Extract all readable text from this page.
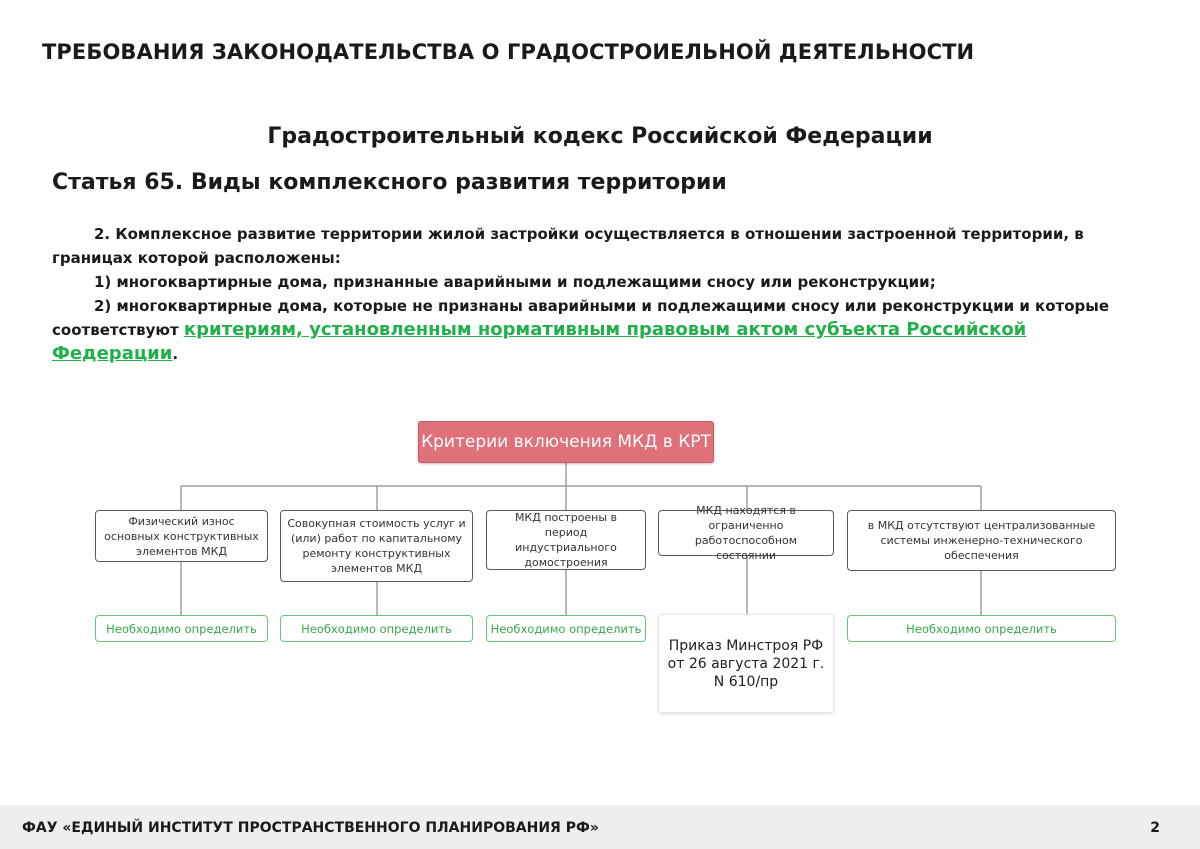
ТРЕБОВАНИЯ ЗАКОНОДАТЕЛЬСТВА О ГРАДОСТРОИЕЛЬНОЙ ДЕЯТЕЛЬНОСТИ
Градостроительный кодекс Российской Федерации
Статья 65. Виды комплексного развития территории

2. Комплексное развитие территории жилой застройки осуществляется в отношении застроенной территории, в границах которой расположены:

1) многоквартирные дома, признанные аварийными и подлежащими сносу или реконструкции;

2) многоквартирные дома, которые не признаны аварийными и подлежащими сносу или реконструкции и которые соответствуют критериям, установленным нормативным правовым актом субъекта Российской Федерации.

Критерии включения МКД в КРТ
Физический износ основных конструктивных элементов МКД
Совокупная стоимость услуг и (или) работ по капитальному ремонту конструктивных элементов МКД
МКД построены в период индустриального домостроения
МКД находятся в ограниченно работоспособном состоянии
в МКД отсутствуют централизованные системы инженерно-технического обеспечения
Необходимо определить	Необходимо определить	Необходимо определить	Необходимо определить
Приказ Минстроя РФ от 26 августа 2021 г. N 610/пр
ФАУ «ЕДИНЫЙ ИНСТИТУТ ПРОСТРАНСТВЕННОГО ПЛАНИРОВАНИЯ РФ»	2
